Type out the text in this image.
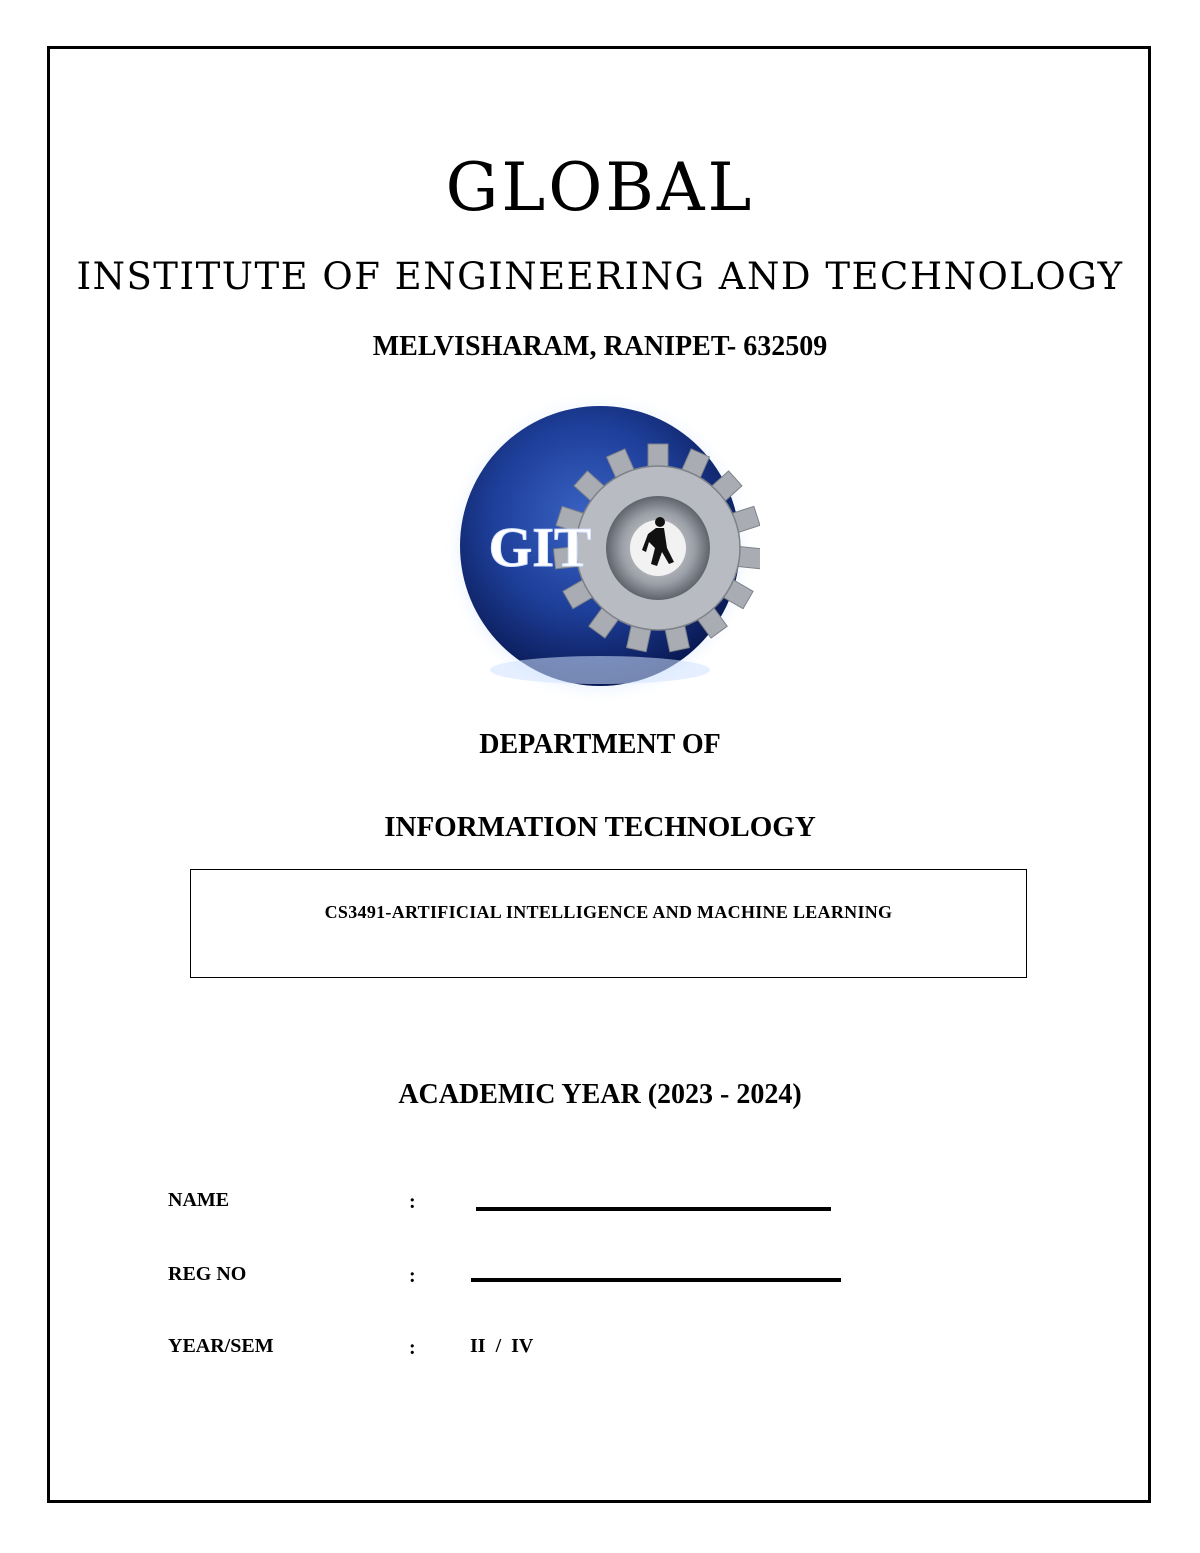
GLOBAL
INSTITUTE OF ENGINEERING AND TECHNOLOGY
MELVISHARAM, RANIPET- 632509
GIT
DEPARTMENT OF
INFORMATION TECHNOLOGY
CS3491-ARTIFICIAL INTELLIGENCE AND MACHINE LEARNING
ACADEMIC YEAR (2023 - 2024)
NAME	:
REG NO	:
YEAR/SEM	:	II  /  IV
